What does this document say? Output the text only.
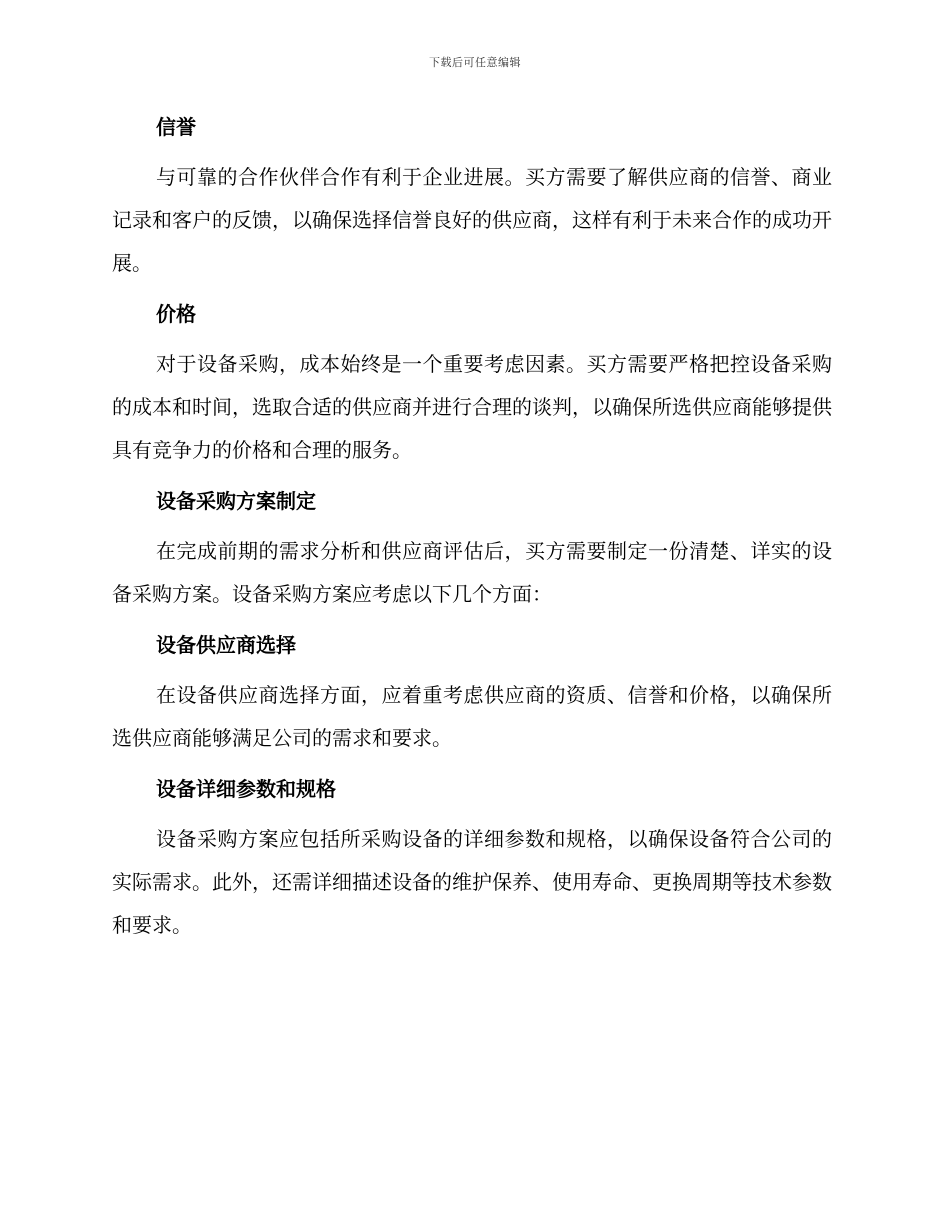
下载后可任意编辑
信誉

与可靠的合作伙伴合作有利于企业进展。买方需要了解供应商的信誉、商业记录和客户的反馈，以确保选择信誉良好的供应商，这样有利于未来合作的成功开展。

价格

对于设备采购，成本始终是一个重要考虑因素。买方需要严格把控设备采购的成本和时间，选取合适的供应商并进行合理的谈判，以确保所选供应商能够提供具有竞争力的价格和合理的服务。

设备采购方案制定

在完成前期的需求分析和供应商评估后，买方需要制定一份清楚、详实的设备采购方案。设备采购方案应考虑以下几个方面：

设备供应商选择

在设备供应商选择方面，应着重考虑供应商的资质、信誉和价格，以确保所选供应商能够满足公司的需求和要求。

设备详细参数和规格

设备采购方案应包括所采购设备的详细参数和规格，以确保设备符合公司的实际需求。此外，还需详细描述设备的维护保养、使用寿命、更换周期等技术参数和要求。
